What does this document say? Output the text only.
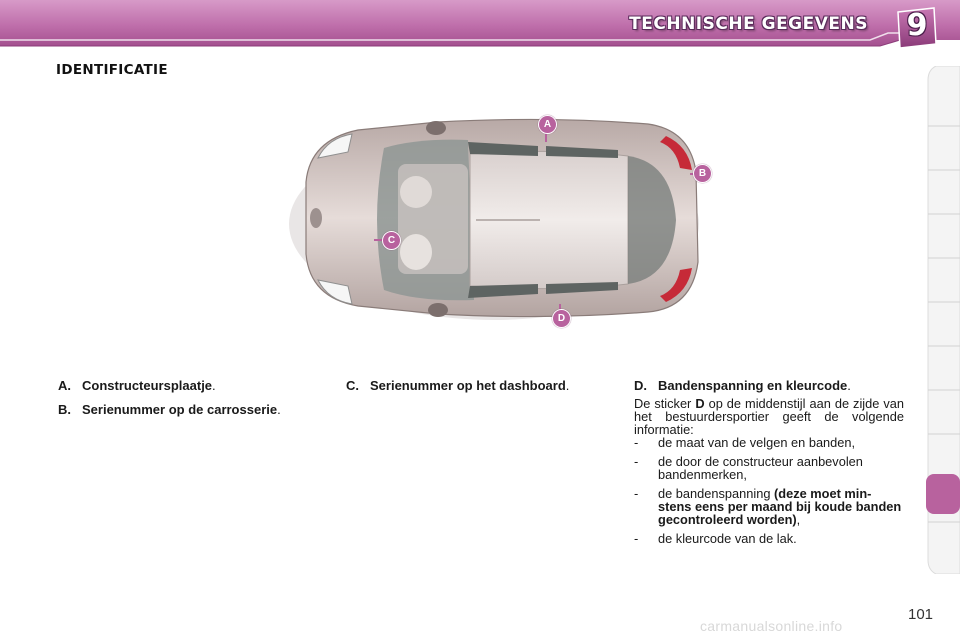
TECHNISCHE GEGEVENS 9
IDENTIFICATIE
A
B
C
D
A. Constructeursplaatje.
B. Serienummer op de carrosserie.
C. Serienummer op het dashboard.	D. Bandenspanning en kleurcode.
De sticker D op de middenstijl aan de zijde van het bestuurdersportier geeft de volgende informatie:
-	de maat van de velgen en banden,
-	de door de constructeur aanbevolen bandenmerken,
-	de bandenspanning (deze moet min-stens eens per maand bij koude banden gecontroleerd worden),
-	de kleurcode van de lak.
carmanualsonline.info
101
